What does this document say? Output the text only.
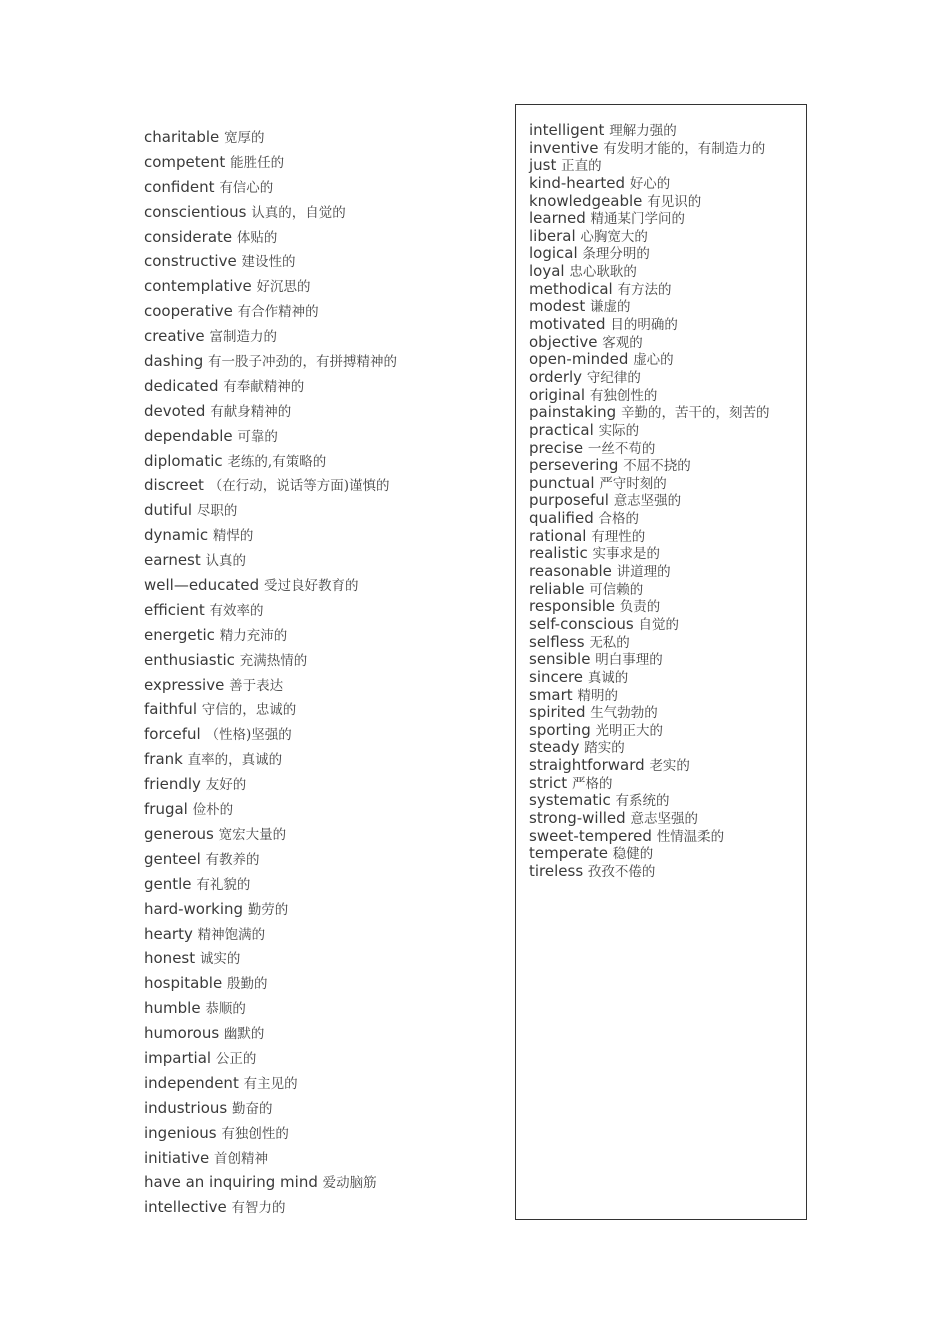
charitable 宽厚的
competent 能胜任的
confident 有信心的
conscientious 认真的，自觉的
considerate 体贴的
constructive 建设性的
contemplative 好沉思的
cooperative 有合作精神的
creative 富制造力的
dashing 有一股子冲劲的，有拼搏精神的
dedicated 有奉献精神的
devoted 有献身精神的
dependable 可靠的
diplomatic 老练的,有策略的
discreet （在行动，说话等方面)谨慎的
dutiful 尽职的
dynamic 精悍的
earnest 认真的
well—educated 受过良好教育的
efficient 有效率的
energetic 精力充沛的
enthusiastic 充满热情的
expressive 善于表达
faithful 守信的，忠诚的
forceful （性格)坚强的
frank 直率的，真诚的
friendly 友好的
frugal 俭朴的
generous 宽宏大量的
genteel 有教养的
gentle 有礼貌的
hard-working 勤劳的
hearty 精神饱满的
honest 诚实的
hospitable 殷勤的
humble 恭顺的
humorous 幽默的
impartial 公正的
independent 有主见的
industrious 勤奋的
ingenious 有独创性的
initiative 首创精神
have an inquiring mind 爱动脑筋
intellective 有智力的
intelligent 理解力强的
inventive 有发明才能的，有制造力的
just 正直的
kind-hearted 好心的
knowledgeable 有见识的
learned 精通某门学问的
liberal 心胸宽大的
logical 条理分明的
loyal 忠心耿耿的
methodical 有方法的
modest 谦虚的
motivated 目的明确的
objective 客观的
open-minded 虚心的
orderly 守纪律的
original 有独创性的
painstaking 辛勤的，苦干的，刻苦的
practical 实际的
precise 一丝不苟的
persevering 不屈不挠的
punctual 严守时刻的
purposeful 意志坚强的
qualified 合格的
rational 有理性的
realistic 实事求是的
reasonable 讲道理的
reliable 可信赖的
responsible 负责的
self-conscious 自觉的
selfless 无私的
sensible 明白事理的
sincere 真诚的
smart 精明的
spirited 生气勃勃的
sporting 光明正大的
steady 踏实的
straightforward 老实的
strict 严格的
systematic 有系统的
strong-willed 意志坚强的
sweet-tempered 性情温柔的
temperate 稳健的
tireless 孜孜不倦的
